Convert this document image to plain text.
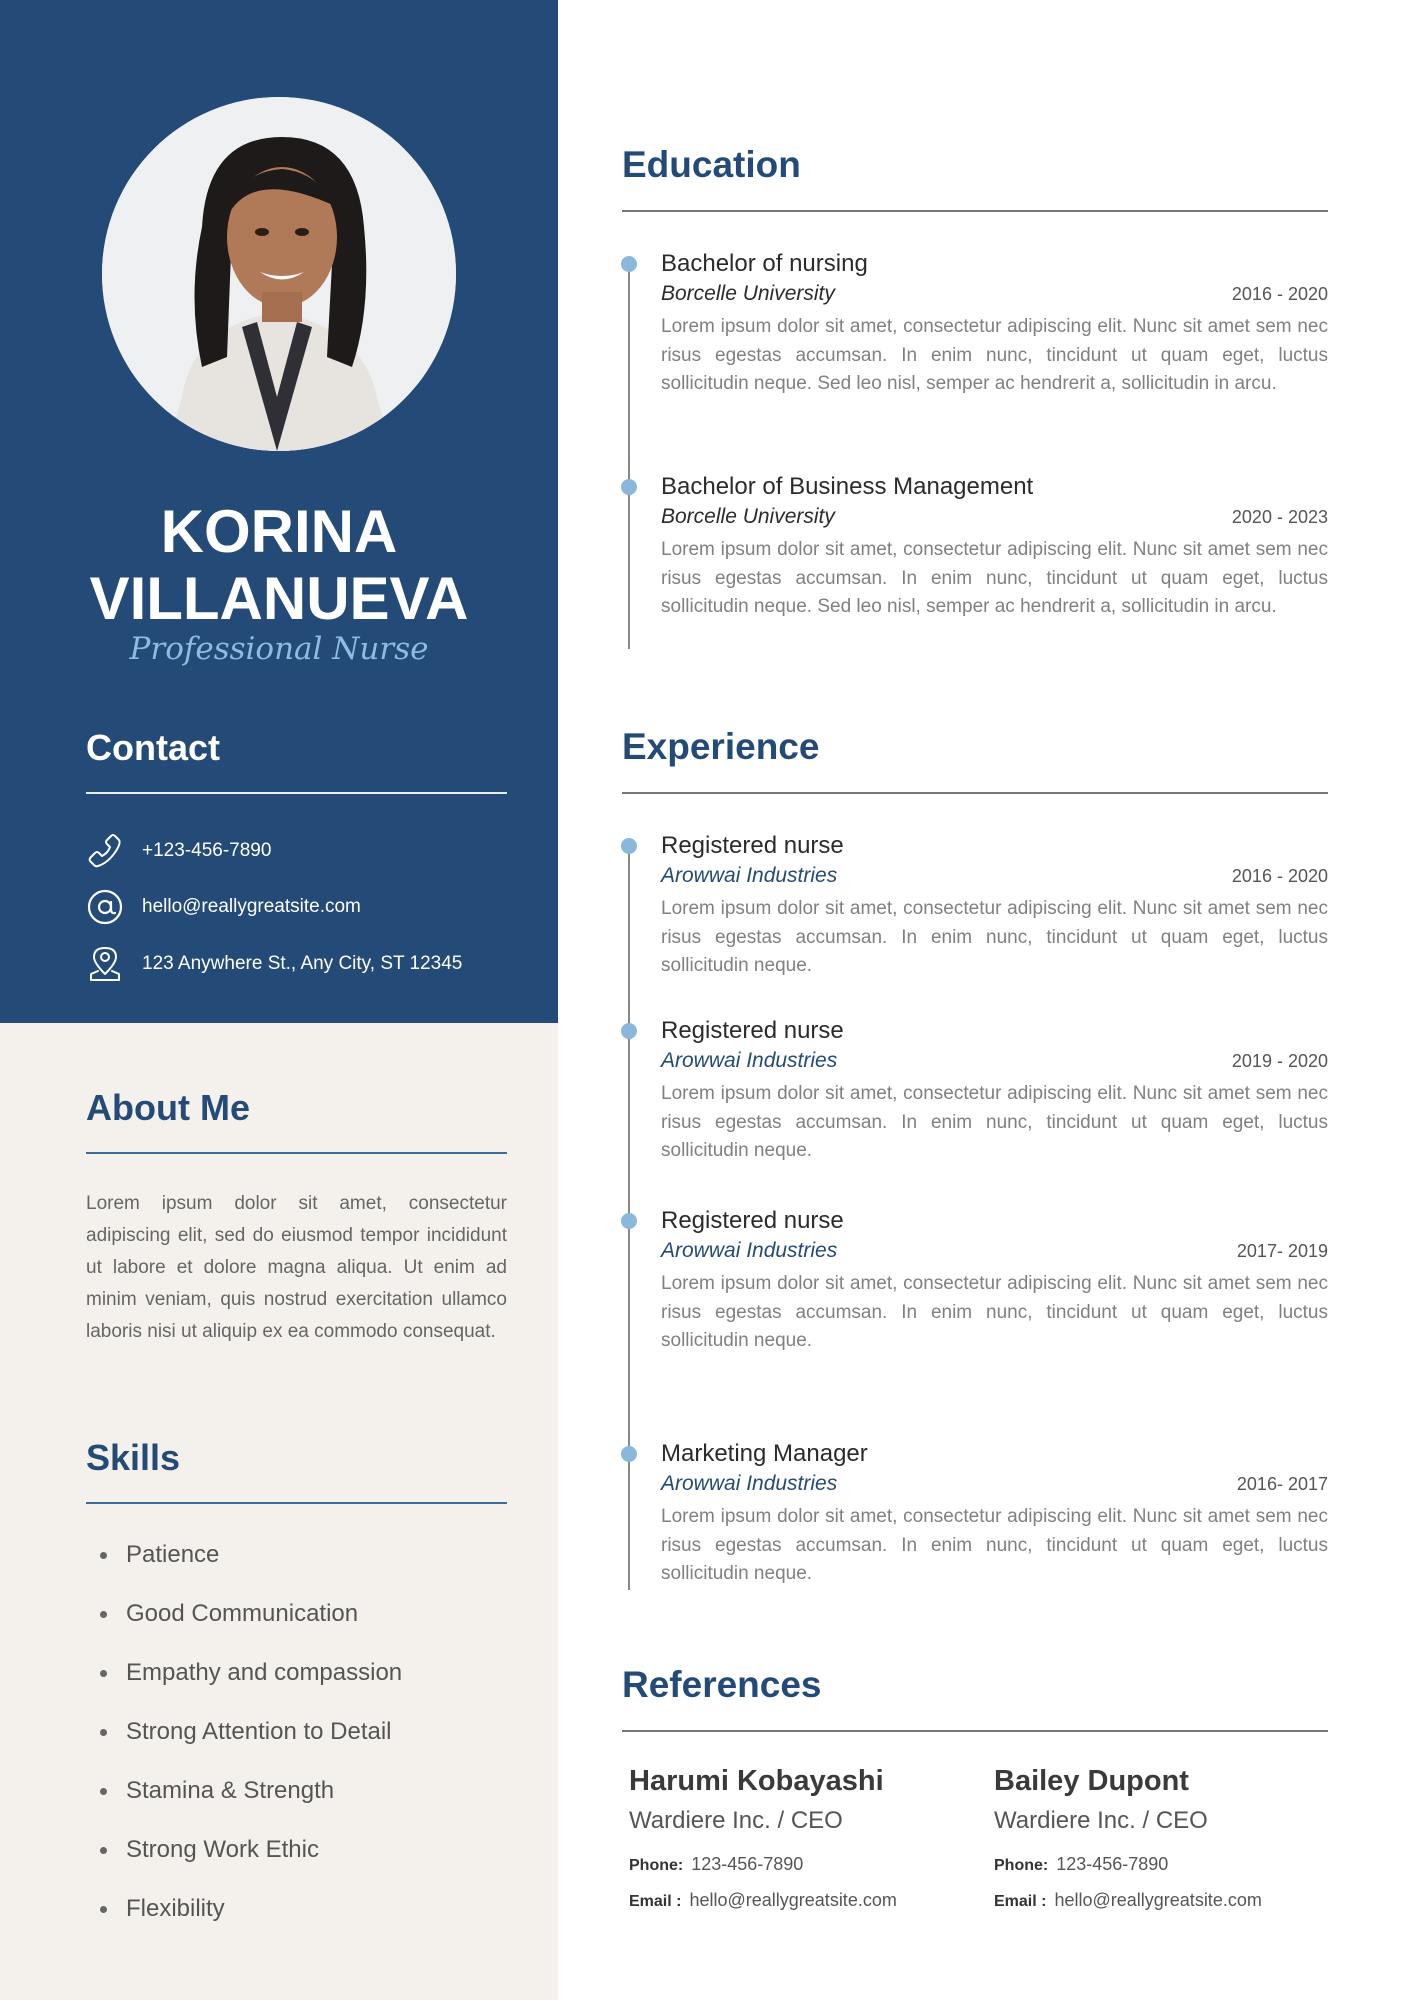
KORINA
VILLANUEVA
Professional Nurse
Contact
+123-456-7890
hello@reallygreatsite.com
123 Anywhere St., Any City, ST 12345
About Me
Lorem ipsum dolor sit amet, consectetur adipiscing elit, sed do eiusmod tempor incididunt ut labore et dolore magna aliqua. Ut enim ad minim veniam, quis nostrud exercitation ullamco laboris nisi ut aliquip ex ea commodo consequat.
Skills
Patience
Good Communication
Empathy and compassion
Strong Attention to Detail
Stamina & Strength
Strong Work Ethic
Flexibility
Education
Bachelor of nursing
Borcelle University	2016 - 2020
Lorem ipsum dolor sit amet, consectetur adipiscing elit. Nunc sit amet sem nec risus egestas accumsan. In enim nunc, tincidunt ut quam eget, luctus sollicitudin neque. Sed leo nisl, semper ac hendrerit a, sollicitudin in arcu.
Bachelor of Business Management
Borcelle University	2020 - 2023
Lorem ipsum dolor sit amet, consectetur adipiscing elit. Nunc sit amet sem nec risus egestas accumsan. In enim nunc, tincidunt ut quam eget, luctus sollicitudin neque. Sed leo nisl, semper ac hendrerit a, sollicitudin in arcu.
Experience
Registered nurse
Arowwai Industries	2016 - 2020
Lorem ipsum dolor sit amet, consectetur adipiscing elit. Nunc sit amet sem nec risus egestas accumsan. In enim nunc, tincidunt ut quam eget, luctus sollicitudin neque.
Registered nurse
Arowwai Industries	2019 - 2020
Lorem ipsum dolor sit amet, consectetur adipiscing elit. Nunc sit amet sem nec risus egestas accumsan. In enim nunc, tincidunt ut quam eget, luctus sollicitudin neque.
Registered nurse
Arowwai Industries	2017- 2019
Lorem ipsum dolor sit amet, consectetur adipiscing elit. Nunc sit amet sem nec risus egestas accumsan. In enim nunc, tincidunt ut quam eget, luctus sollicitudin neque.
Marketing Manager
Arowwai Industries	2016- 2017
Lorem ipsum dolor sit amet, consectetur adipiscing elit. Nunc sit amet sem nec risus egestas accumsan. In enim nunc, tincidunt ut quam eget, luctus sollicitudin neque.
References
Harumi Kobayashi
Wardiere Inc. / CEO
Phone: 123-456-7890
Email : hello@reallygreatsite.com
Bailey Dupont
Wardiere Inc. / CEO
Phone: 123-456-7890
Email : hello@reallygreatsite.com
